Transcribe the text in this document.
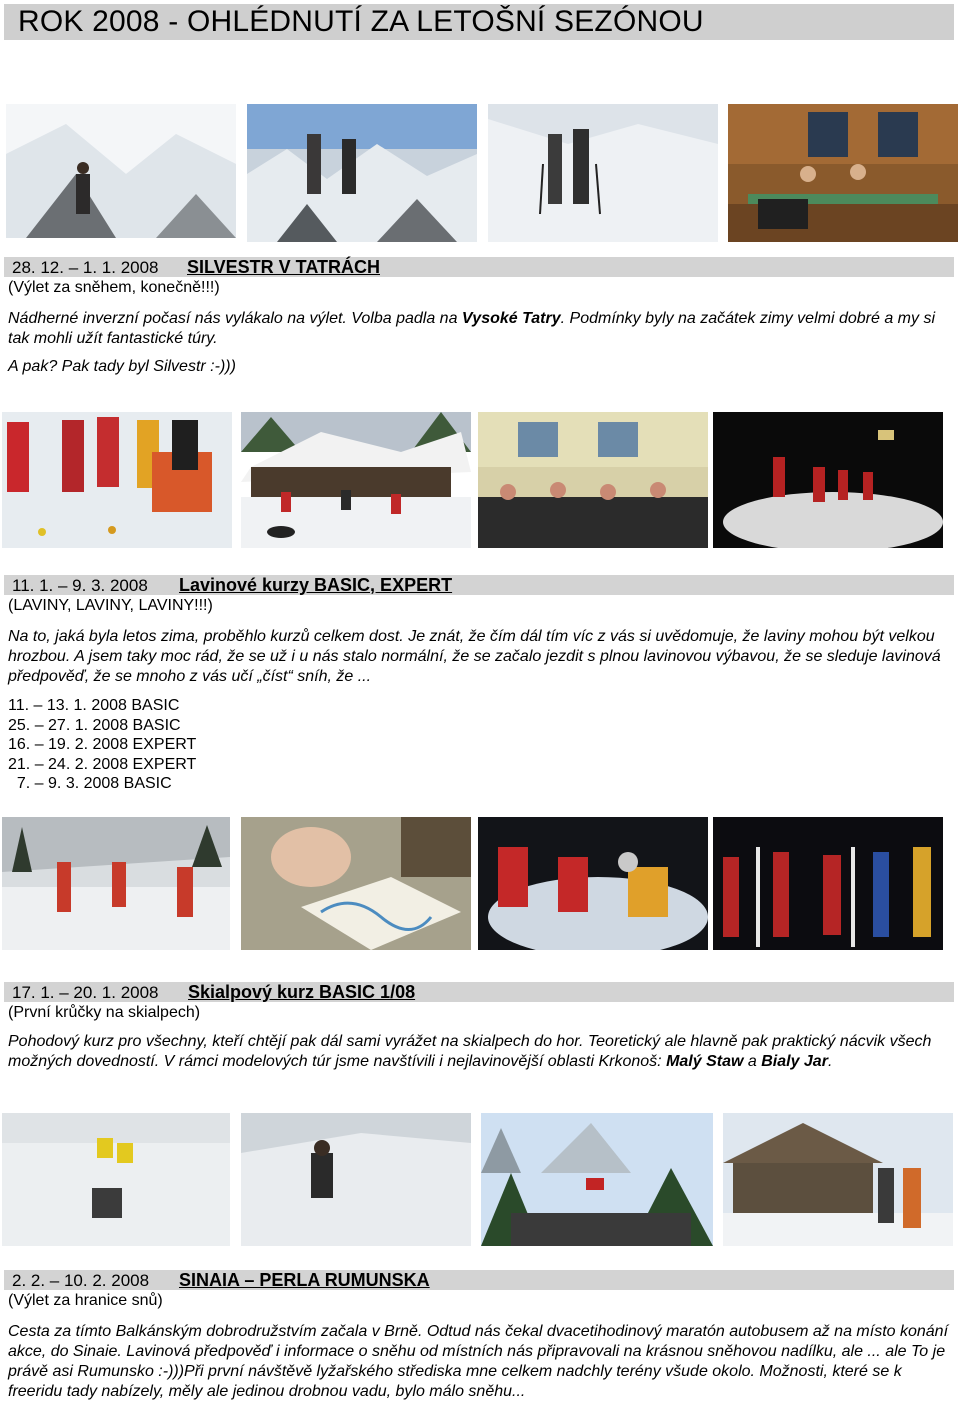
ROK 2008 - OHLÉDNUTÍ ZA LETOŠNÍ SEZÓNOU
28. 12. – 1. 1. 2008 SILVESTR V TATRÁCH
(Výlet za sněhem, konečně!!!)
Nádherné inverzní počasí nás vylákalo na výlet. Volba padla na Vysoké Tatry. Podmínky byly na začátek zimy velmi dobré a my si tak mohli užít fantastické túry.
A pak? Pak tady byl Silvestr :-)))
11. 1. – 9. 3. 2008 Lavinové kurzy BASIC, EXPERT
(LAVINY, LAVINY, LAVINY!!!)
Na to, jaká byla letos zima, proběhlo kurzů celkem dost. Je znát, že čím dál tím víc z vás si uvědomuje, že laviny mohou být velkou hrozbou. A jsem taky moc rád, že se už i u nás stalo normální, že se začalo jezdit s plnou lavinovou výbavou, že se sleduje lavinová předpověď, že se mnoho z vás učí „číst“ sníh, že ...
11. – 13. 1. 2008 BASIC
25. – 27. 1. 2008 BASIC
16. – 19. 2. 2008 EXPERT
21. – 24. 2. 2008 EXPERT
7. – 9. 3. 2008 BASIC
17. 1. – 20. 1. 2008 Skialpový kurz BASIC 1/08
(První krůčky na skialpech)
Pohodový kurz pro všechny, kteří chtějí pak dál sami vyrážet na skialpech do hor. Teoretický ale hlavně pak praktický nácvik všech možných dovedností. V rámci modelových túr jsme navštívili i nejlavinovější oblasti Krkonoš: Malý Staw a Bialy Jar.
2. 2. – 10. 2. 2008 SINAIA – PERLA RUMUNSKA
(Výlet za hranice snů)
Cesta za tímto Balkánským dobrodružstvím začala v Brně. Odtud nás čekal dvacetihodinový maratón autobusem až na místo konání akce, do Sinaie. Lavinová předpověď i informace o sněhu od místních nás připravovali na krásnou sněhovou nadílku, ale ... ale To je právě asi Rumunsko :-)))Při první návštěvě lyžařského střediska mne celkem nadchly terény všude okolo. Možnosti, které se k freeridu tady nabízely, měly ale jedinou drobnou vadu, bylo málo sněhu...
